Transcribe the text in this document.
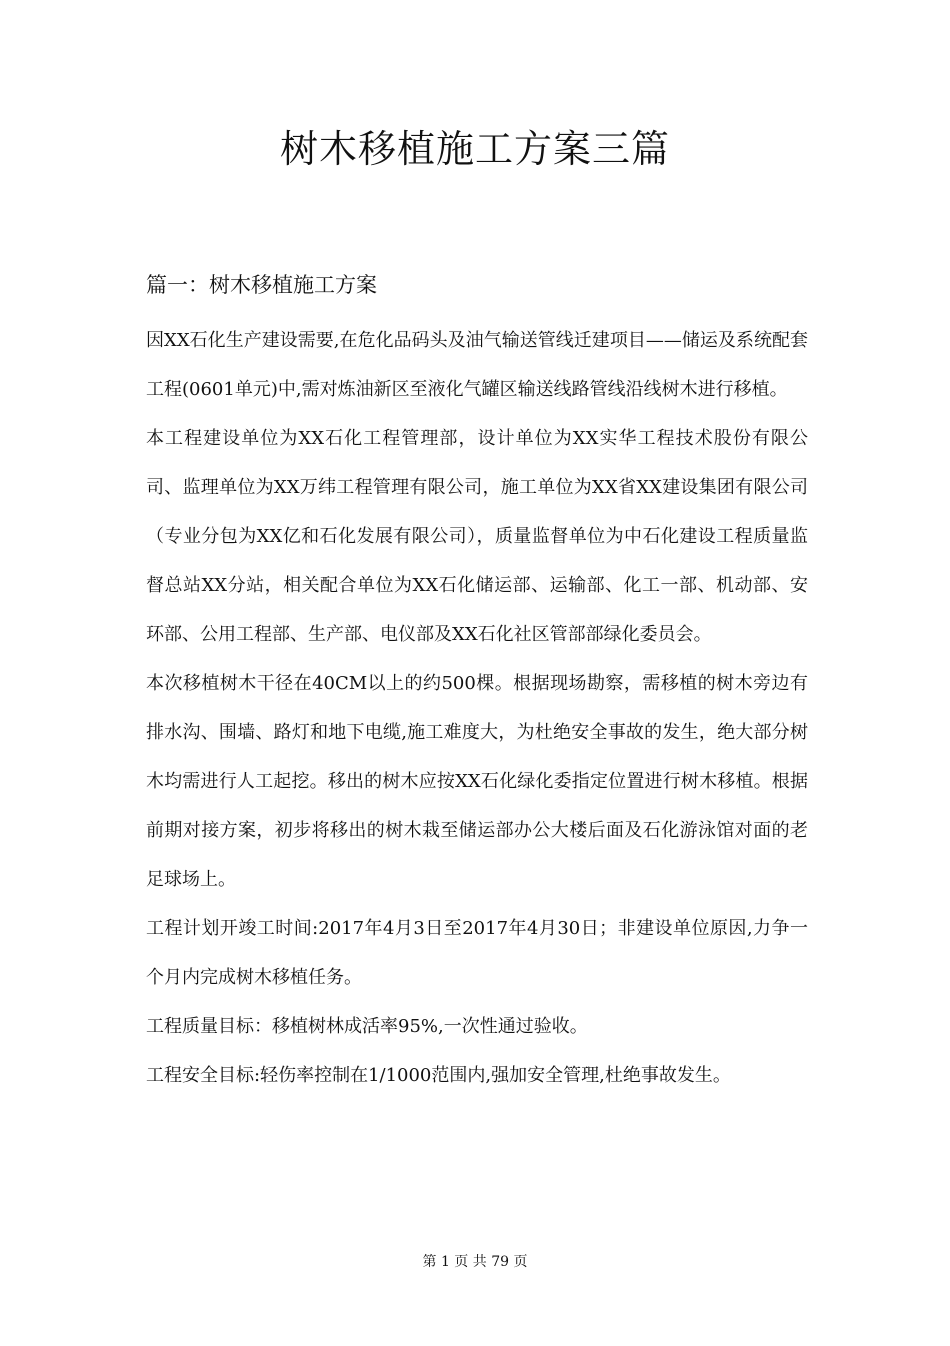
树木移植施工方案三篇
篇一：树木移植施工方案

因XX石化生产建设需要,在危化品码头及油气输送管线迁建项目——储运及系统配套工程(0601单元)中,需对炼油新区至液化气罐区输送线路管线沿线树木进行移植。

本工程建设单位为XX石化工程管理部，设计单位为XX实华工程技术股份有限公司、监理单位为XX万纬工程管理有限公司，施工单位为XX省XX建设集团有限公司（专业分包为XX亿和石化发展有限公司），质量监督单位为中石化建设工程质量监督总站XX分站，相关配合单位为XX石化储运部、运输部、化工一部、机动部、安环部、公用工程部、生产部、电仪部及XX石化社区管部部绿化委员会。

本次移植树木干径在40CM以上的约500棵。根据现场勘察，需移植的树木旁边有排水沟、围墙、路灯和地下电缆,施工难度大，为杜绝安全事故的发生，绝大部分树木均需进行人工起挖。移出的树木应按XX石化绿化委指定位置进行树木移植。根据前期对接方案，初步将移出的树木栽至储运部办公大楼后面及石化游泳馆对面的老足球场上。

工程计划开竣工时间:2017年4月3日至2017年4月30日；非建设单位原因,力争一个月内完成树木移植任务。

工程质量目标：移植树林成活率95%,一次性通过验收。

工程安全目标:轻伤率控制在1/1000范围内,强加安全管理,杜绝事故发生。

第 1 页 共 79 页
